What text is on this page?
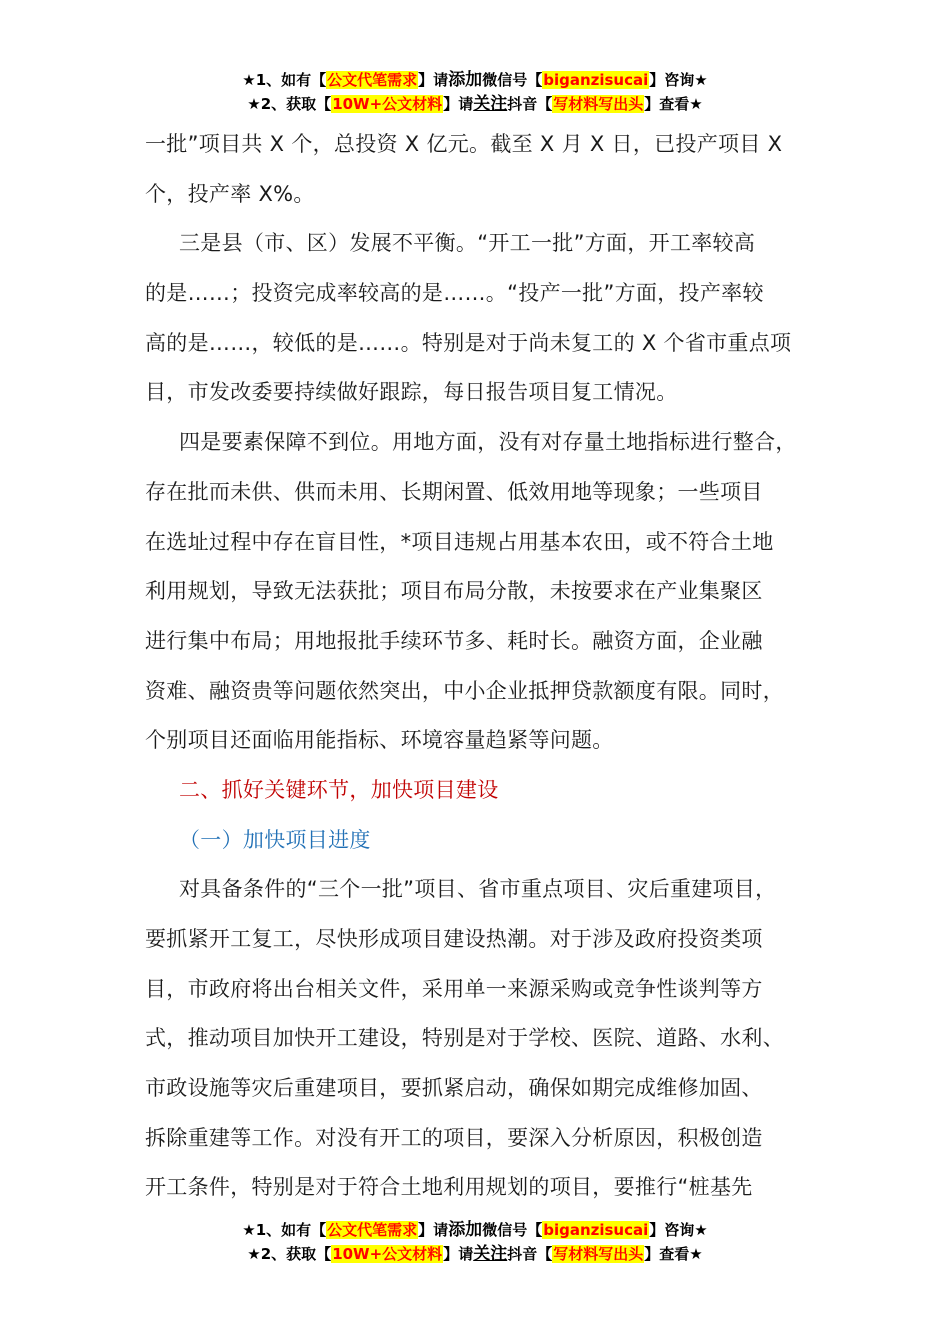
★1、如有【公文代笔需求】请添加微信号【biganzisucai】咨询★
★2、获取【10W+公文材料】请关注抖音【写材料写出头】查看★
一批”项目共 X 个，总投资 X 亿元。截至 X 月 X 日，已投产项目 X
个，投产率 X%。
三是县（市、区）发展不平衡。“开工一批”方面，开工率较高
的是……；投资完成率较高的是……。“投产一批”方面，投产率较
高的是……，较低的是……。特别是对于尚未复工的 X 个省市重点项
目，市发改委要持续做好跟踪，每日报告项目复工情况。
四是要素保障不到位。用地方面，没有对存量土地指标进行整合，
存在批而未供、供而未用、长期闲置、低效用地等现象；一些项目
在选址过程中存在盲目性，*项目违规占用基本农田，或不符合土地
利用规划，导致无法获批；项目布局分散，未按要求在产业集聚区
进行集中布局；用地报批手续环节多、耗时长。融资方面，企业融
资难、融资贵等问题依然突出，中小企业抵押贷款额度有限。同时，
个别项目还面临用能指标、环境容量趋紧等问题。
二、抓好关键环节，加快项目建设
（一）加快项目进度
对具备条件的“三个一批”项目、省市重点项目、灾后重建项目，
要抓紧开工复工，尽快形成项目建设热潮。对于涉及政府投资类项
目，市政府将出台相关文件，采用单一来源采购或竞争性谈判等方
式，推动项目加快开工建设，特别是对于学校、医院、道路、水利、
市政设施等灾后重建项目，要抓紧启动，确保如期完成维修加固、
拆除重建等工作。对没有开工的项目，要深入分析原因，积极创造
开工条件，特别是对于符合土地利用规划的项目，要推行“桩基先
★1、如有【公文代笔需求】请添加微信号【biganzisucai】咨询★
★2、获取【10W+公文材料】请关注抖音【写材料写出头】查看★
